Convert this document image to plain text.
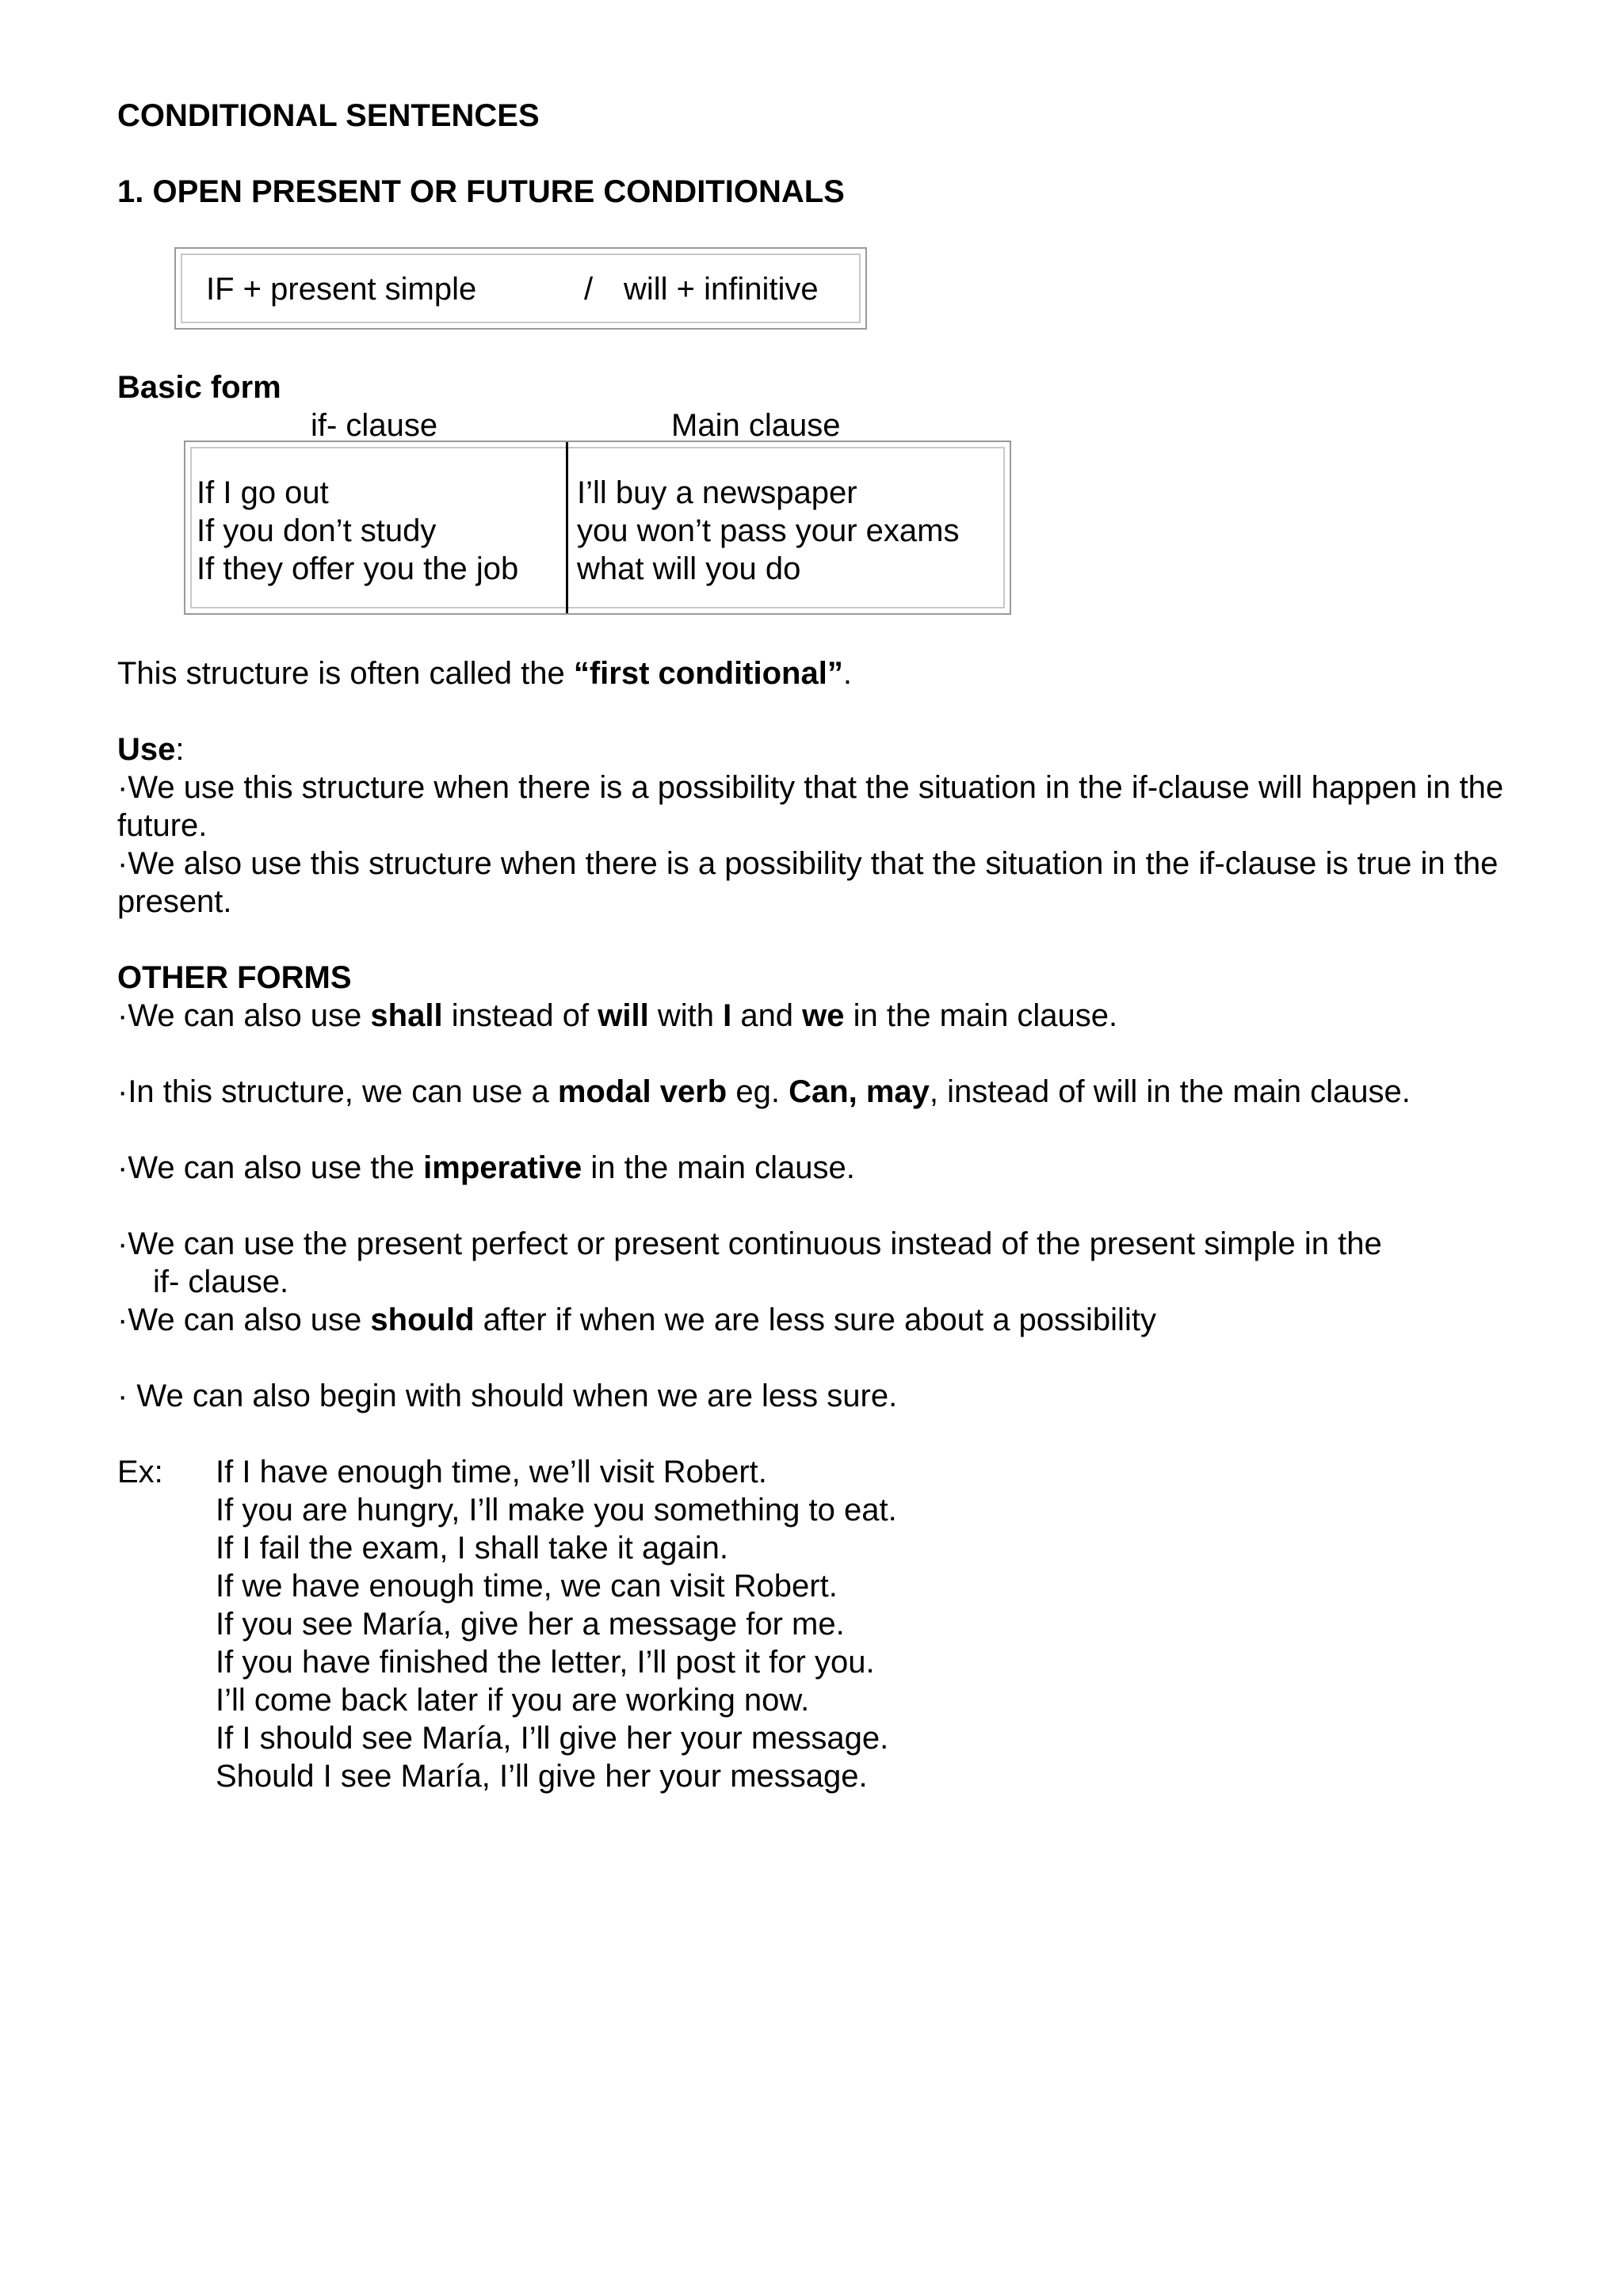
CONDITIONAL SENTENCES
1. OPEN PRESENT OR FUTURE CONDITIONALS
IF + present simple	/ will + infinitive
Basic form
if- clause	Main clause
If I go out
If you don’t study
If they offer you the job
I’ll buy a newspaper
you won’t pass your exams
what will you do
This structure is often called the “first conditional”.
Use:
·We use this structure when there is a possibility that the situation in the if-clause will happen in the
future.
·We also use this structure when there is a possibility that the situation in the if-clause is true in the
present.
OTHER FORMS
·We can also use shall instead of will with I and we in the main clause.
·In this structure, we can use a modal verb eg. Can, may, instead of will in the main clause.
·We can also use the imperative in the main clause.
·We can use the present perfect or present continuous instead of the present simple in the
if- clause.
·We can also use should after if when we are less sure about a possibility
· We can also begin with should when we are less sure.
Ex: If I have enough time, we’ll visit Robert.
If you are hungry, I’ll make you something to eat.
If I fail the exam, I shall take it again.
If we have enough time, we can visit Robert.
If you see María, give her a message for me.
If you have finished the letter, I’ll post it for you.
I’ll come back later if you are working now.
If I should see María, I’ll give her your message.
Should I see María, I’ll give her your message.
